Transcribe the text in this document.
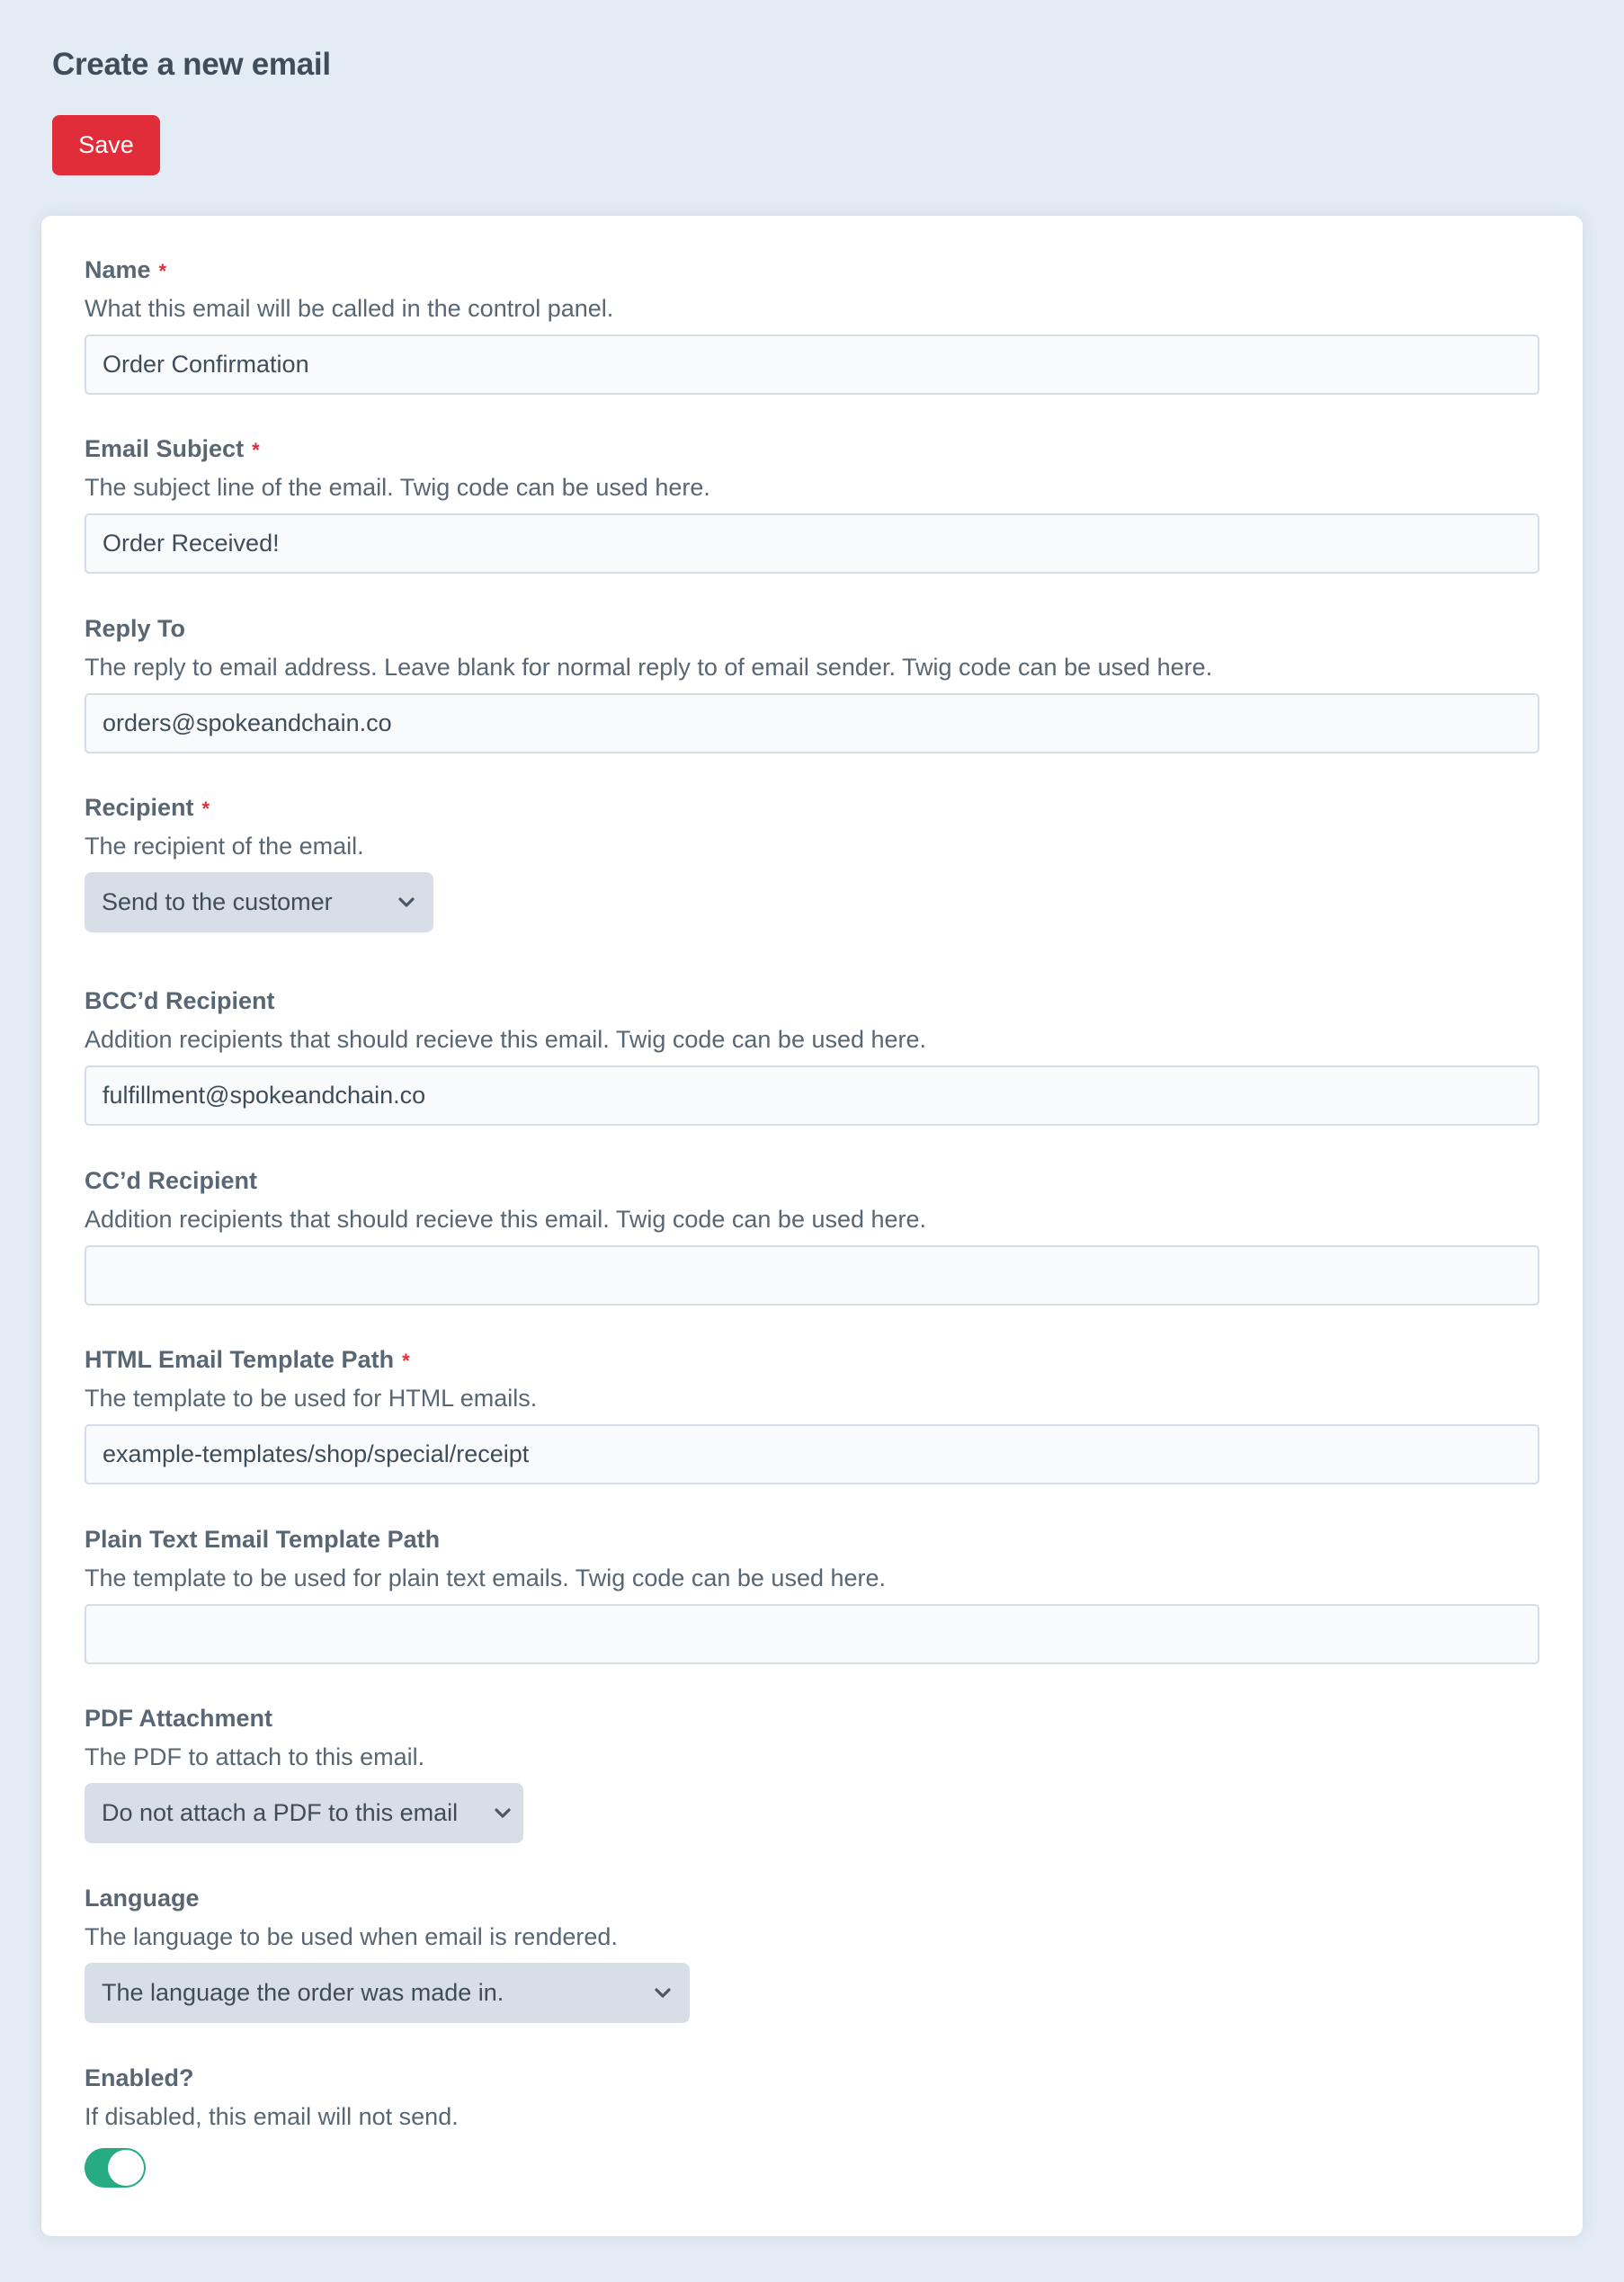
Create a new email
Save
Name *
What this email will be called in the control panel.
Order Confirmation
Email Subject *
The subject line of the email. Twig code can be used here.
Order Received!
Reply To
The reply to email address. Leave blank for normal reply to of email sender. Twig code can be used here.
orders@spokeandchain.co
Recipient *
The recipient of the email.
Send to the customer
BCC’d Recipient
Addition recipients that should recieve this email. Twig code can be used here.
fulfillment@spokeandchain.co
CC’d Recipient
Addition recipients that should recieve this email. Twig code can be used here.
HTML Email Template Path *
The template to be used for HTML emails.
example-templates/shop/special/receipt
Plain Text Email Template Path
The template to be used for plain text emails. Twig code can be used here.
PDF Attachment
The PDF to attach to this email.
Do not attach a PDF to this email
Language
The language to be used when email is rendered.
The language the order was made in.
Enabled?
If disabled, this email will not send.
